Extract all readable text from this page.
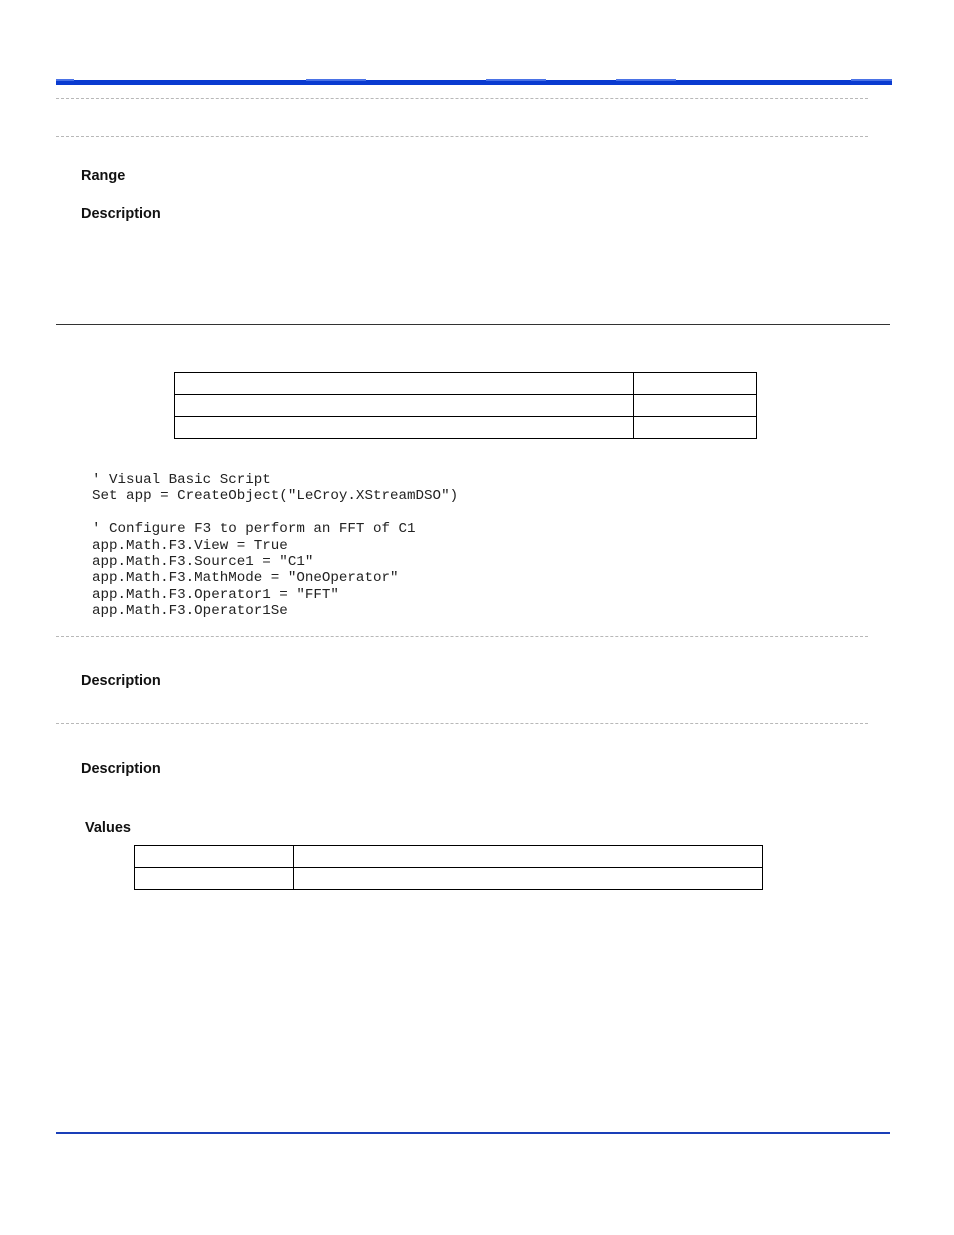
Range
Description

' Visual Basic Script
Set app = CreateObject("LeCroy.XStreamDSO")

' Configure F3 to perform an FFT of C1
app.Math.F3.View = True
app.Math.F3.Source1 = "C1"
app.Math.F3.MathMode = "OneOperator"
app.Math.F3.Operator1 = "FFT"
app.Math.F3.Operator1Se
Description
Description
Values
